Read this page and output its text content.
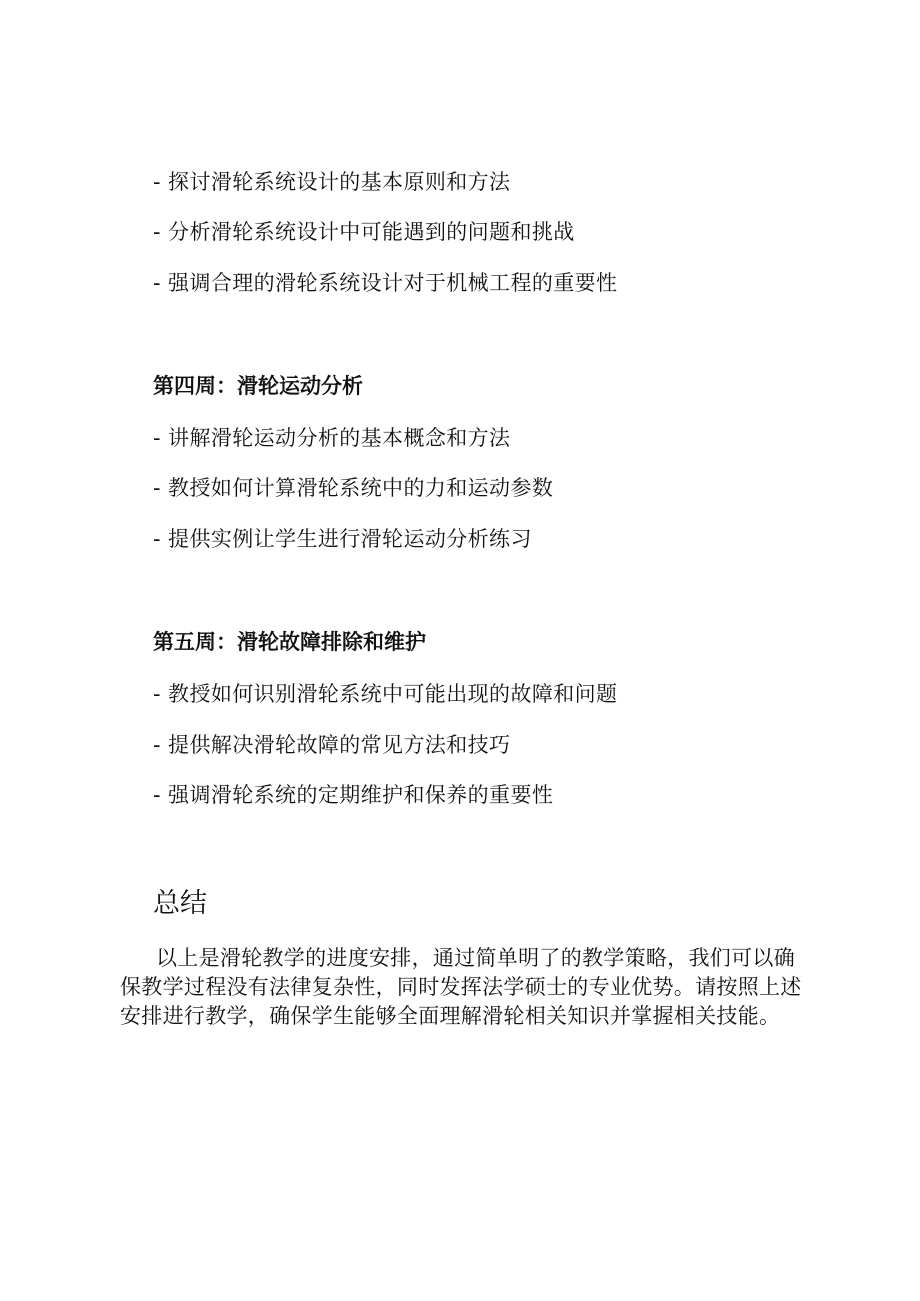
- 探讨滑轮系统设计的基本原则和方法
- 分析滑轮系统设计中可能遇到的问题和挑战
- 强调合理的滑轮系统设计对于机械工程的重要性
第四周：滑轮运动分析
- 讲解滑轮运动分析的基本概念和方法
- 教授如何计算滑轮系统中的力和运动参数
- 提供实例让学生进行滑轮运动分析练习
第五周：滑轮故障排除和维护
- 教授如何识别滑轮系统中可能出现的故障和问题
- 提供解决滑轮故障的常见方法和技巧
- 强调滑轮系统的定期维护和保养的重要性
总结
以上是滑轮教学的进度安排，通过简单明了的教学策略，我们可以确保教学过程没有法律复杂性，同时发挥法学硕士的专业优势。请按照上述安排进行教学，确保学生能够全面理解滑轮相关知识并掌握相关技能。
